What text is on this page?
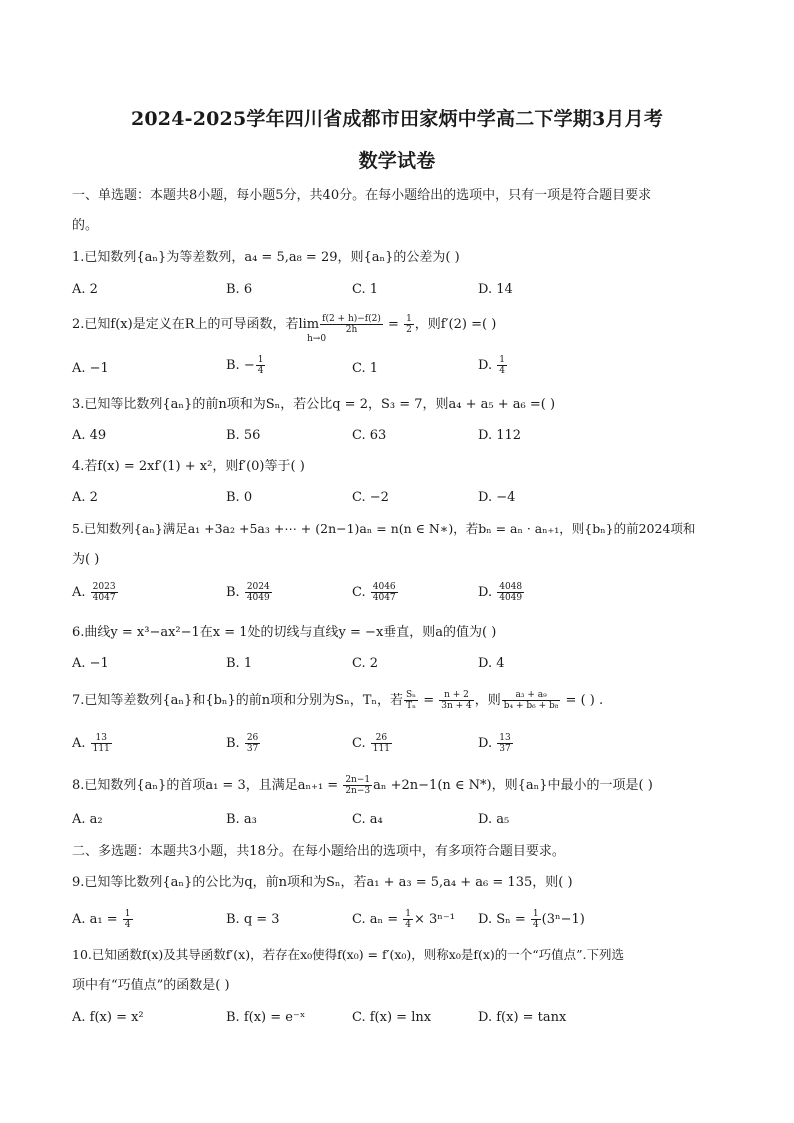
2024-2025学年四川省成都市田家炳中学高二下学期3月月考
数学试卷
一、单选题：本题共8小题，每小题5分，共40分。在每小题给出的选项中，只有一项是符合题目要求
的。
1.已知数列{aₙ}为等差数列，a₄ = 5,a₈ = 29，则{aₙ}的公差为( )
A. 2	B. 6	C. 1	D. 14
2.已知f(x)是定义在R上的可导函数，若$\lim \frac{f(2 + h)-f(2)}{2h} = \frac{1}{2}$ ，则f′(2) =( )
h→0
A. −1	B. − $\frac{1}{4}$	C. 1	D. $\frac{1}{4}$
3.已知等比数列{aₙ}的前n项和为Sₙ，若公比q = 2，S₃ = 7，则a₄ + a₅ + a₆ =( )
A. 49	B. 56	C. 63	D. 112
4.若f(x) = 2xf′(1) + x²，则f′(0)等于( )
A. 2	B. 0	C. −2	D. −4
5.已知数列{aₙ}满足a₁ +3a₂ +5a₃ +⋯ + (2n−1)aₙ = n(n ∈ N∗)，若bₙ = aₙ · aₙ₊₁，则{bₙ}的前2024项和
为( )
A. $\frac{2023}{4047}$	B. $\frac{2024}{4049}$	C. $\frac{4046}{4047}$	D. $\frac{4048}{4049}$
6.曲线y = x³−ax²−1在x = 1处的切线与直线y = −x垂直，则a的值为( )
A. −1	B. 1	C. 2	D. 4
7.已知等差数列{aₙ}和{bₙ}的前n项和分别为Sₙ，Tₙ，若 $\frac{\text{Sₙ}}{\text{Tₙ}} = \frac{n + 2}{3n + 4}$ ，则 $\frac{\text{a₃ + a₉}}{\text{b₄ + b₆ + b₈}}$ = ( ) .
A. $\frac{13}{111}$	B. $\frac{26}{37}$	C. $\frac{26}{111}$	D. $\frac{13}{37}$
8.已知数列{aₙ}的首项a₁ = 3，且满足$a_{n+1} = \frac{2n-1}{2n-3}$ aₙ +2n−1(n ∈ N*)，则{aₙ}中最小的一项是( )
A. a₂	B. a₃	C. a₄	D. a₅
二、多选题：本题共3小题，共18分。在每小题给出的选项中，有多项符合题目要求。
9.已知等比数列{aₙ}的公比为q，前n项和为Sₙ，若a₁ + a₃ = 5,a₄ + a₆ = 135，则( )
A. $a_1 = \frac{1}{4}$	B. q = 3	C. $a_n = \frac{1}{4} \times 3^{n-1}$ D. $S_n = \frac{1}{4} (3^n-1)$
10.已知函数f(x)及其导函数f′(x)，若存在x₀使得f(x₀) = f′(x₀)，则称x₀是f(x)的一个“巧值点”.下列选
项中有“巧值点”的函数是( )
A. f(x) = x²	B. f(x) = e⁻ˣ	C. f(x) = lnx	D. f(x) = tanx
